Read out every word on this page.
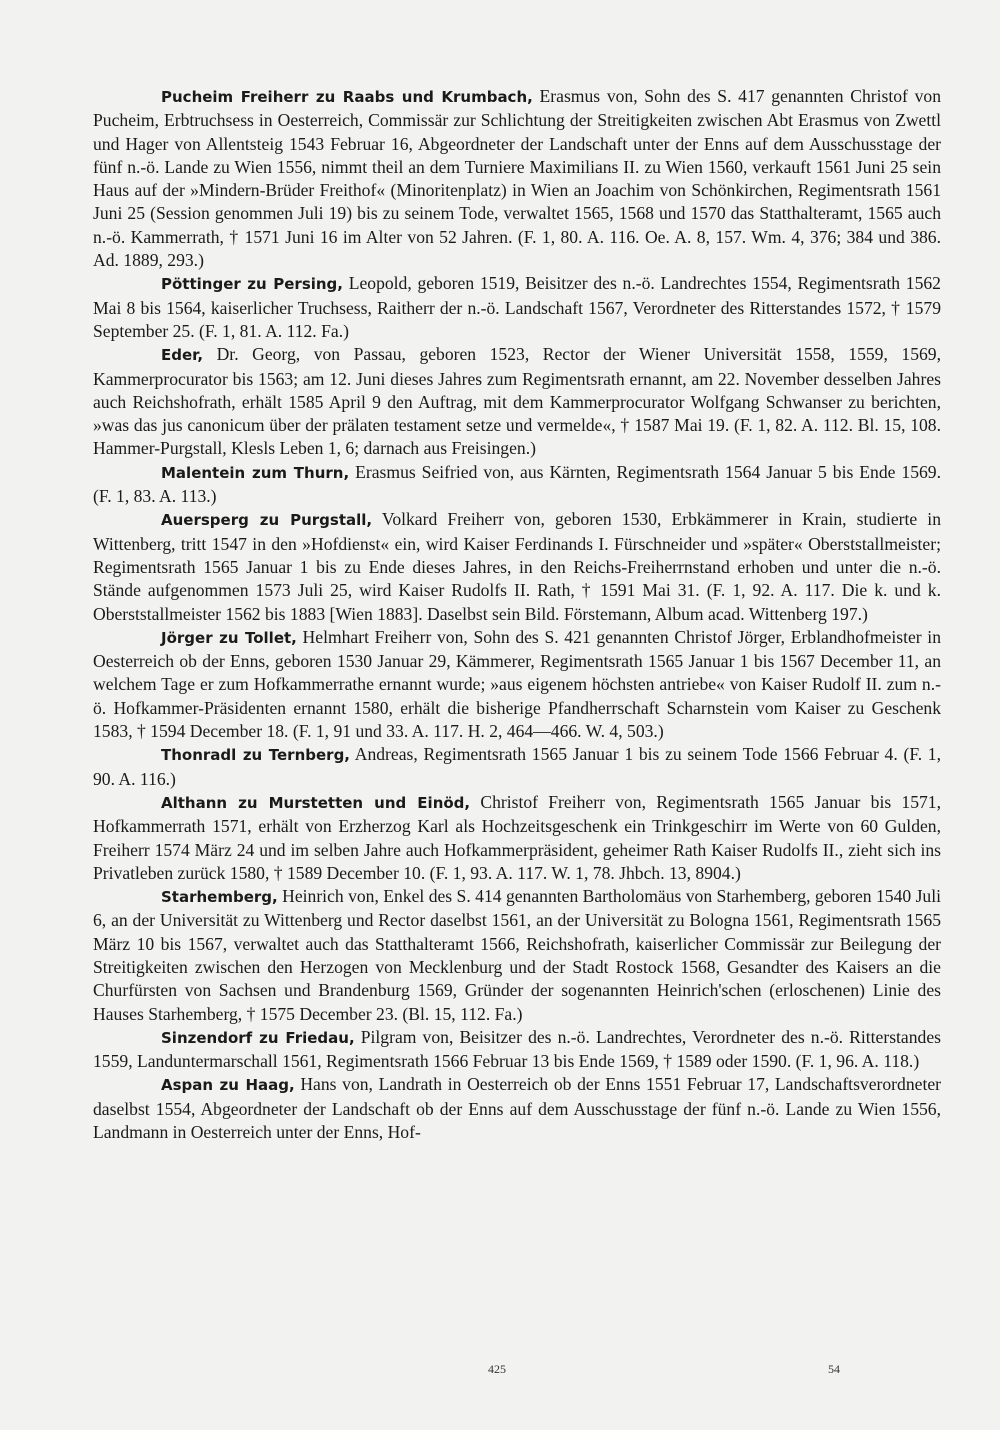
Pucheim Freiherr zu Raabs und Krumbach, Erasmus von, Sohn des S. 417 genannten Christof von Pucheim, Erbtruchsess in Oesterreich, Commissär zur Schlichtung der Streitigkeiten zwischen Abt Erasmus von Zwettl und Hager von Allentsteig 1543 Februar 16, Abgeordneter der Landschaft unter der Enns auf dem Ausschusstage der fünf n.-ö. Lande zu Wien 1556, nimmt theil an dem Turniere Maximilians II. zu Wien 1560, verkauft 1561 Juni 25 sein Haus auf der »Mindern-Brüder Freithof« (Minoritenplatz) in Wien an Joachim von Schönkirchen, Regimentsrath 1561 Juni 25 (Session genommen Juli 19) bis zu seinem Tode, verwaltet 1565, 1568 und 1570 das Statthalteramt, 1565 auch n.-ö. Kammerrath, † 1571 Juni 16 im Alter von 52 Jahren. (F. 1, 80. A. 116. Oe. A. 8, 157. Wm. 4, 376; 384 und 386. Ad. 1889, 293.)

Pöttinger zu Persing, Leopold, geboren 1519, Beisitzer des n.-ö. Landrechtes 1554, Regimentsrath 1562 Mai 8 bis 1564, kaiserlicher Truchsess, Raitherr der n.-ö. Landschaft 1567, Verordneter des Ritterstandes 1572, † 1579 September 25. (F. 1, 81. A. 112. Fa.)

Eder, Dr. Georg, von Passau, geboren 1523, Rector der Wiener Universität 1558, 1559, 1569, Kammerprocurator bis 1563; am 12. Juni dieses Jahres zum Regimentsrath ernannt, am 22. November desselben Jahres auch Reichshofrath, erhält 1585 April 9 den Auftrag, mit dem Kammerprocurator Wolfgang Schwanser zu berichten, »was das jus canonicum über der prälaten testament setze und vermelde«, † 1587 Mai 19. (F. 1, 82. A. 112. Bl. 15, 108. Hammer-Purgstall, Klesls Leben 1, 6; darnach aus Freisingen.)

Malentein zum Thurn, Erasmus Seifried von, aus Kärnten, Regimentsrath 1564 Januar 5 bis Ende 1569. (F. 1, 83. A. 113.)

Auersperg zu Purgstall, Volkard Freiherr von, geboren 1530, Erbkämmerer in Krain, studierte in Wittenberg, tritt 1547 in den »Hofdienst« ein, wird Kaiser Ferdinands I. Fürschneider und »später« Oberststallmeister; Regimentsrath 1565 Januar 1 bis zu Ende dieses Jahres, in den Reichs-Freiherrnstand erhoben und unter die n.-ö. Stände aufgenommen 1573 Juli 25, wird Kaiser Rudolfs II. Rath, † 1591 Mai 31. (F. 1, 92. A. 117. Die k. und k. Oberststallmeister 1562 bis 1883 [Wien 1883]. Daselbst sein Bild. Förstemann, Album acad. Wittenberg 197.)

Jörger zu Tollet, Helmhart Freiherr von, Sohn des S. 421 genannten Christof Jörger, Erblandhofmeister in Oesterreich ob der Enns, geboren 1530 Januar 29, Kämmerer, Regimentsrath 1565 Januar 1 bis 1567 December 11, an welchem Tage er zum Hofkammerrathe ernannt wurde; »aus eigenem höchsten antriebe« von Kaiser Rudolf II. zum n.-ö. Hofkammer-Präsidenten ernannt 1580, erhält die bisherige Pfandherrschaft Scharnstein vom Kaiser zu Geschenk 1583, † 1594 December 18. (F. 1, 91 und 33. A. 117. H. 2, 464—466. W. 4, 503.)

Thonradl zu Ternberg, Andreas, Regimentsrath 1565 Januar 1 bis zu seinem Tode 1566 Februar 4. (F. 1, 90. A. 116.)

Althann zu Murstetten und Einöd, Christof Freiherr von, Regimentsrath 1565 Januar bis 1571, Hofkammerrath 1571, erhält von Erzherzog Karl als Hochzeitsgeschenk ein Trinkgeschirr im Werte von 60 Gulden, Freiherr 1574 März 24 und im selben Jahre auch Hofkammerpräsident, geheimer Rath Kaiser Rudolfs II., zieht sich ins Privatleben zurück 1580, † 1589 December 10. (F. 1, 93. A. 117. W. 1, 78. Jhbch. 13, 8904.)

Starhemberg, Heinrich von, Enkel des S. 414 genannten Bartholomäus von Starhemberg, geboren 1540 Juli 6, an der Universität zu Wittenberg und Rector daselbst 1561, an der Universität zu Bologna 1561, Regimentsrath 1565 März 10 bis 1567, verwaltet auch das Statthalteramt 1566, Reichshofrath, kaiserlicher Commissär zur Beilegung der Streitigkeiten zwischen den Herzogen von Mecklenburg und der Stadt Rostock 1568, Gesandter des Kaisers an die Churfürsten von Sachsen und Brandenburg 1569, Gründer der sogenannten Heinrich'schen (erloschenen) Linie des Hauses Starhemberg, † 1575 December 23. (Bl. 15, 112. Fa.)

Sinzendorf zu Friedau, Pilgram von, Beisitzer des n.-ö. Landrechtes, Verordneter des n.-ö. Ritterstandes 1559, Landuntermarschall 1561, Regimentsrath 1566 Februar 13 bis Ende 1569, † 1589 oder 1590. (F. 1, 96. A. 118.)

Aspan zu Haag, Hans von, Landrath in Oesterreich ob der Enns 1551 Februar 17, Landschaftsverordneter daselbst 1554, Abgeordneter der Landschaft ob der Enns auf dem Ausschusstage der fünf n.-ö. Lande zu Wien 1556, Landmann in Oesterreich unter der Enns, Hof-

425	54
